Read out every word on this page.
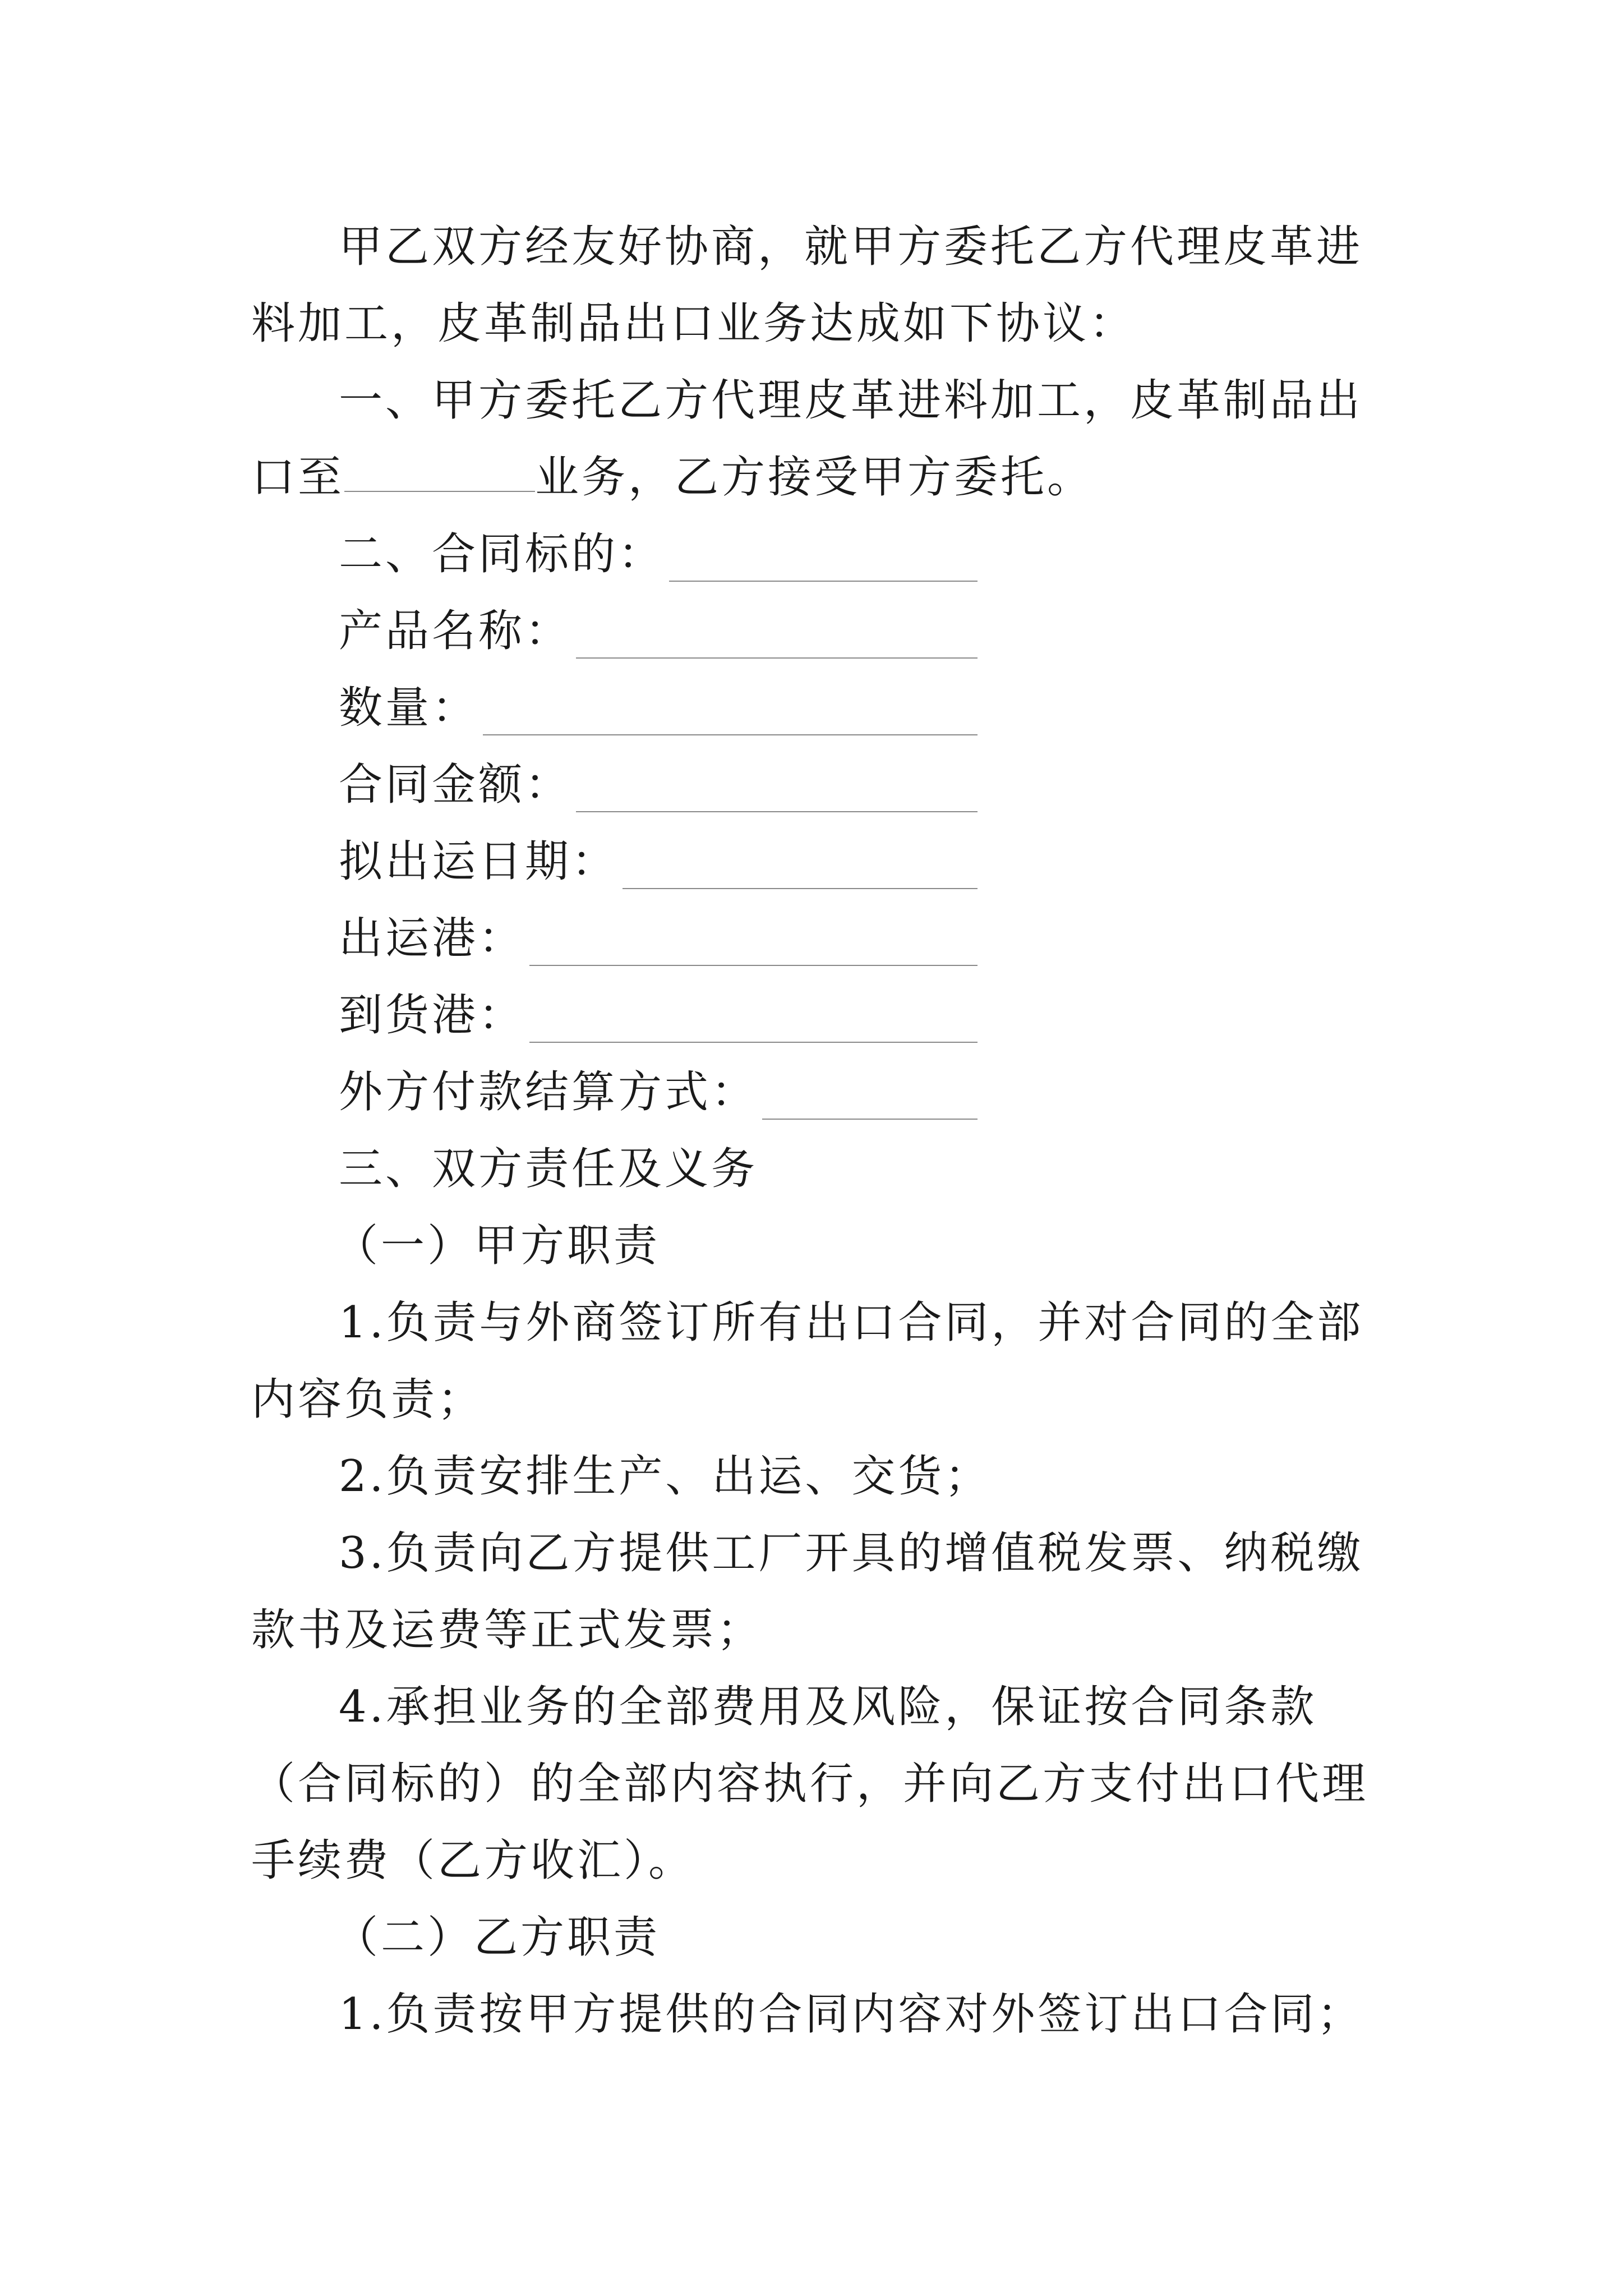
甲乙双方经友好协商，就甲方委托乙方代理皮革进料加工，皮革制品出口业务达成如下协议：

一、甲方委托乙方代理皮革进料加工，皮革制品出口至	业务，乙方接受甲方委托。

二、合同标的：
产品名称：
数量：
合同金额：
拟出运日期：
出运港：
到货港：
外方付款结算方式：

三、双方责任及义务

（一）甲方职责

1.负责与外商签订所有出口合同，并对合同的全部内容负责；

2.负责安排生产、出运、交货；

3.负责向乙方提供工厂开具的增值税发票、纳税缴款书及运费等正式发票；

4.承担业务的全部费用及风险，保证按合同条款（合同标的）的全部内容执行，并向乙方支付出口代理手续费（乙方收汇）。

（二）乙方职责

1.负责按甲方提供的合同内容对外签订出口合同；
